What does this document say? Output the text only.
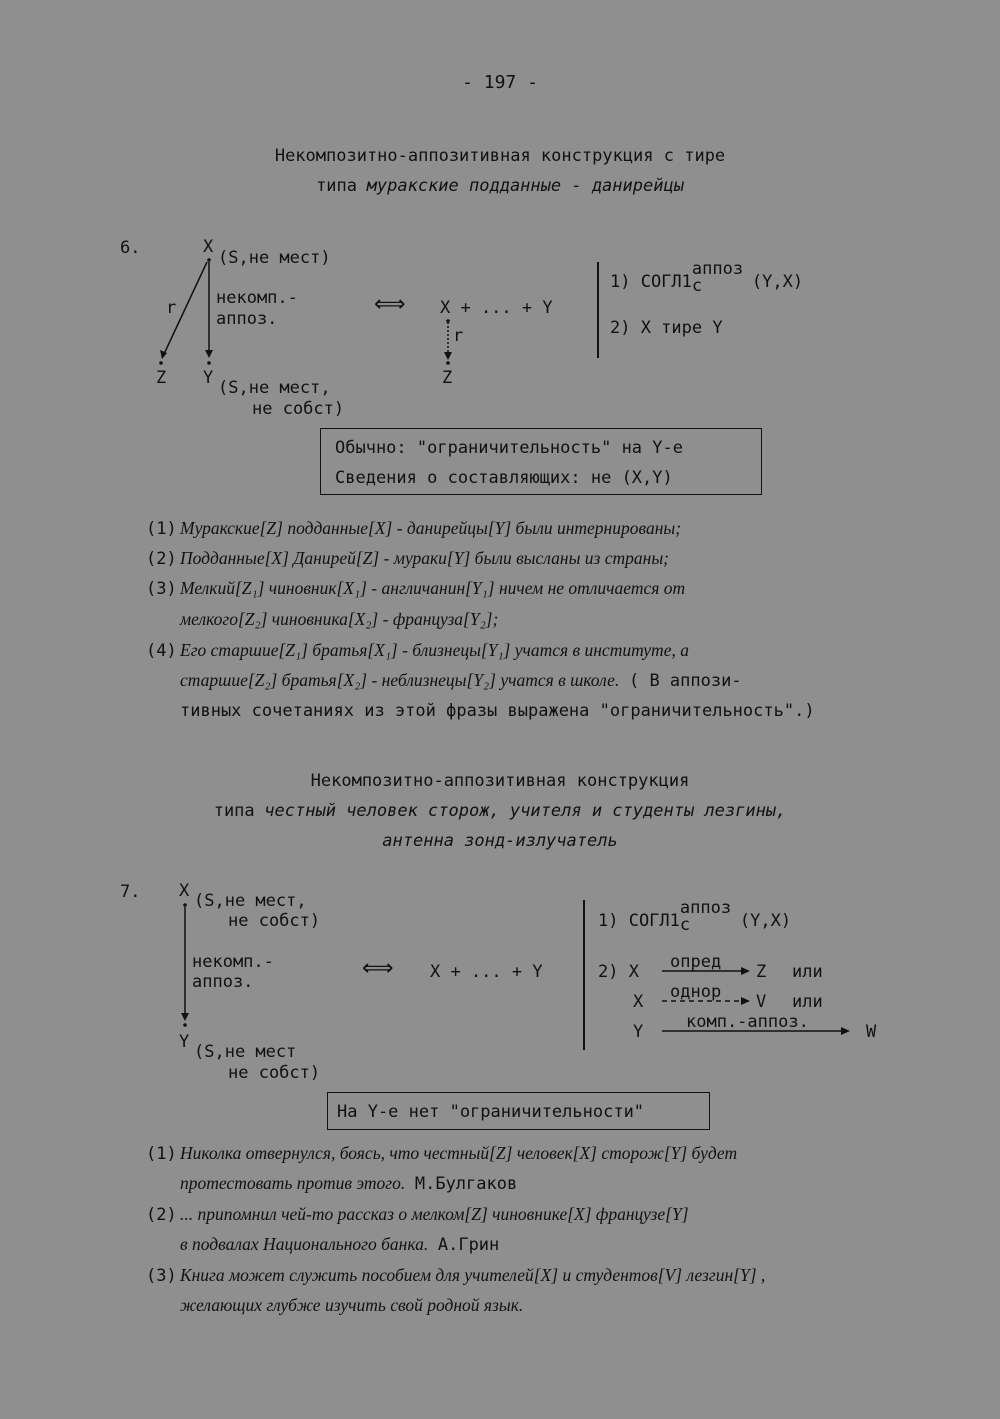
- 197 -
Некомпозитно-аппозитивная конструкция с тире
типа муракские подданные - данирейцы
6.	X
(S,не мест)
r некомп.-
аппоз.
Z Y (S,не мест,
не собст)
⟺ X + ... + Y
r
Z
1) СОГЛ1
аппоз
с	(Y,X)
2) X тире Y
Обычно: "ограничительность" на Y-е
Сведения о составляющих: не (X,Y)
(1) Муракские[Z] подданные[X] - данирейцы[Y] были интернированы;
(2) Подданные[X] Данирей[Z] - мураки[Y] были высланы из страны;
(3) Мелкий[Z₁] чиновник[X₁] - англичанин[Y₁] ничем не отличается от
мелкого[Z₂] чиновника[X₂] - француза[Y₂];
(4) Его старшие[Z₁] братья[X₁] - близнецы[Y₁] учатся в институте, а
старшие[Z₂] братья[X₂] - неблизнецы[Y₂] учатся в школе. ( В аппози-
тивных сочетаниях из этой фразы выражена "ограничительность".)
Некомпозитно-аппозитивная конструкция
типа честный человек сторож, учителя и студенты лезгины,
антенна зонд-излучатель
7. X (S,не мест,
не собст)
некомп.-
аппоз.
Y (S,не мест
не собст)
⟺ X + ... + Y
1) СОГЛ1
аппоз
с	(Y,X)
2) X опред Z или
X однор V или
Y	комп.-аппоз.	W
На Y-е нет "ограничительности"
(1) Николка отвернулся, боясь, что честный[Z] человек[X] сторож[Y] будет
протестовать против этого. М.Булгаков
(2) ... припомнил чей-то рассказ о мелком[Z] чиновнике[X] французе[Y]
в подвалах Национального банка. А.Грин
(3) Книга может служить пособием для учителей[X] и студентов[V] лезгин[Y] ,
желающих глубже изучить свой родной язык.
